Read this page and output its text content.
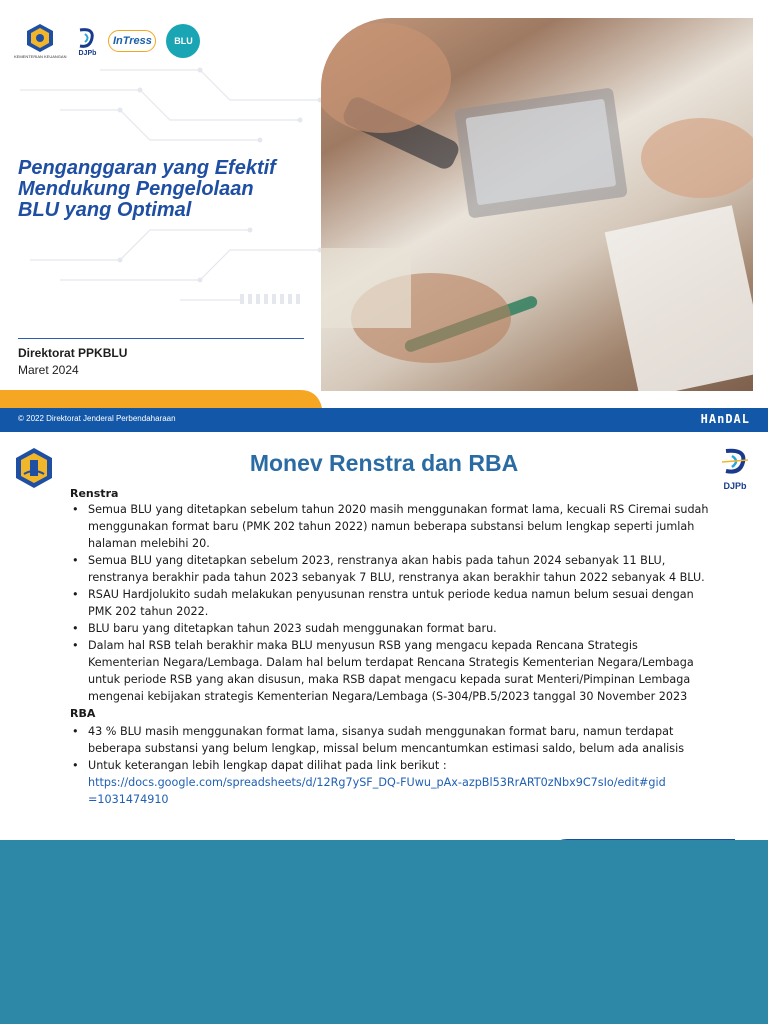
KEMENTERIAN KEUANGAN DJPb
InTress	BLU
Penganggaran yang Efektif
Mendukung Pengelolaan
BLU yang Optimal
Direktorat PPKBLU
Maret 2024
© 2022 Direktorat Jenderal Perbendaharaan	HAnDAL
Monev Renstra dan RBA
DJPb
Renstra
• Semua BLU yang ditetapkan sebelum tahun 2020 masih menggunakan format lama, kecuali RS Ciremai sudah menggunakan format baru (PMK 202 tahun 2022) namun beberapa substansi belum lengkap seperti jumlah halaman melebihi 20.
• Semua BLU yang ditetapkan sebelum 2023, renstranya akan habis pada tahun 2024 sebanyak 11 BLU, renstranya berakhir pada tahun 2023 sebanyak 7 BLU, renstranya akan berakhir tahun 2022 sebanyak 4 BLU.
• RSAU Hardjolukito sudah melakukan penyusunan renstra untuk periode kedua namun belum sesuai dengan PMK 202 tahun 2022.
• BLU baru yang ditetapkan tahun 2023 sudah menggunakan format baru.
• Dalam hal RSB telah berakhir maka BLU menyusun RSB yang mengacu kepada Rencana Strategis Kementerian Negara/Lembaga. Dalam hal belum terdapat Rencana Strategis Kementerian Negara/Lembaga untuk periode RSB yang akan disusun, maka RSB dapat mengacu kepada surat Menteri/Pimpinan Lembaga mengenai kebijakan strategis Kementerian Negara/Lembaga (S-304/PB.5/2023 tanggal 30 November 2023
RBA
• 43 % BLU masih menggunakan format lama, sisanya sudah menggunakan format baru, namun terdapat beberapa substansi yang belum lengkap, missal belum mencantumkan estimasi saldo, belum ada analisis
• Untuk keterangan lebih lengkap dapat dilihat pada link berikut :
https://docs.google.com/spreadsheets/d/12Rg7ySF_DQ-FUwu_pAx-azpBl53RrART0zNbx9C7sIo/edit#gid
=1031474910
